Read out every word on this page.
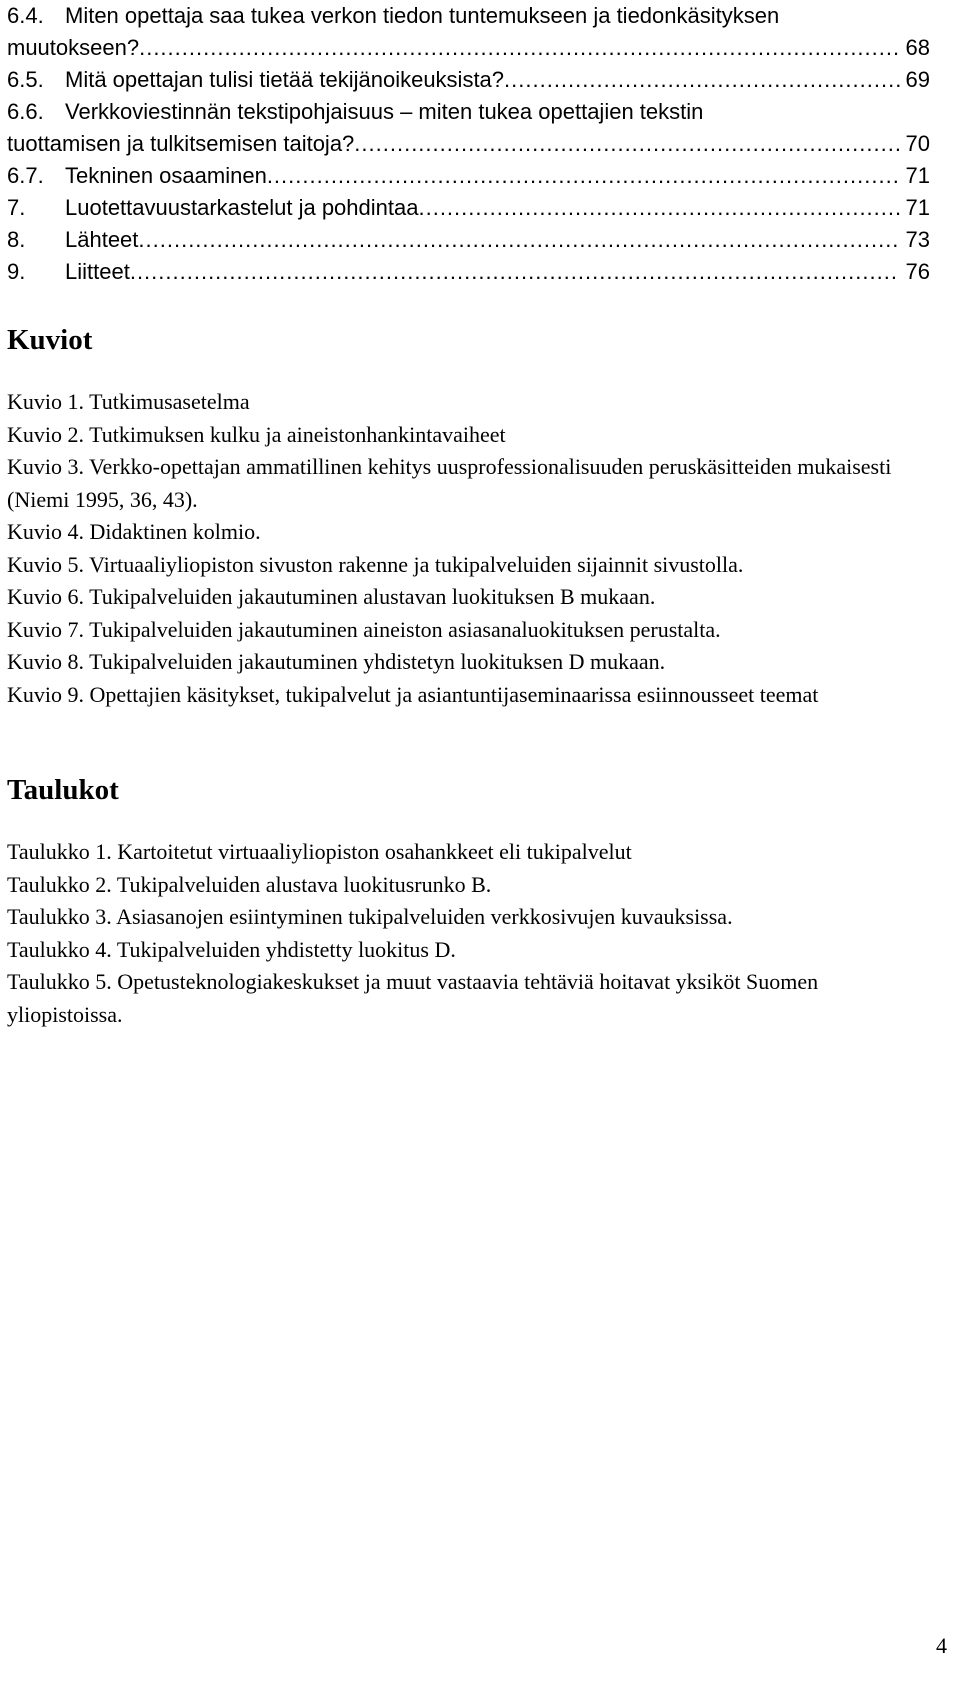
6.4. Miten opettaja saa tukea verkon tiedon tuntemukseen ja tiedonkäsityksen
muutokseen? .....	68
6.5. Mitä opettajan tulisi tietää tekijänoikeuksista? .....	69
6.6. Verkkoviestinnän tekstipohjaisuus – miten tukea opettajien tekstin
tuottamisen ja tulkitsemisen taitoja? .....	70
6.7. Tekninen osaaminen .....	71
7.	Luotettavuustarkastelut ja pohdintaa .....	71
8.	Lähteet .....	73
9.	Liitteet .....	76
Kuviot
Kuvio 1. Tutkimusasetelma
Kuvio 2. Tutkimuksen kulku ja aineistonhankintavaiheet
Kuvio 3. Verkko-opettajan ammatillinen kehitys uusprofessionalisuuden peruskäsitteiden mukaisesti (Niemi 1995, 36, 43).
Kuvio 4. Didaktinen kolmio.
Kuvio 5. Virtuaaliyliopiston sivuston rakenne ja tukipalveluiden sijainnit sivustolla.
Kuvio 6. Tukipalveluiden jakautuminen alustavan luokituksen B mukaan.
Kuvio 7. Tukipalveluiden jakautuminen aineiston asiasanaluokituksen perustalta.
Kuvio 8. Tukipalveluiden jakautuminen yhdistetyn luokituksen D mukaan.
Kuvio 9. Opettajien käsitykset, tukipalvelut ja asiantuntijaseminaarissa esiinnousseet teemat
Taulukot
Taulukko 1. Kartoitetut virtuaaliyliopiston osahankkeet eli tukipalvelut
Taulukko 2. Tukipalveluiden alustava luokitusrunko B.
Taulukko 3. Asiasanojen esiintyminen tukipalveluiden verkkosivujen kuvauksissa.
Taulukko 4. Tukipalveluiden yhdistetty luokitus D.
Taulukko 5. Opetusteknologiakeskukset ja muut vastaavia tehtäviä hoitavat yksiköt Suomen yliopistoissa.
4
